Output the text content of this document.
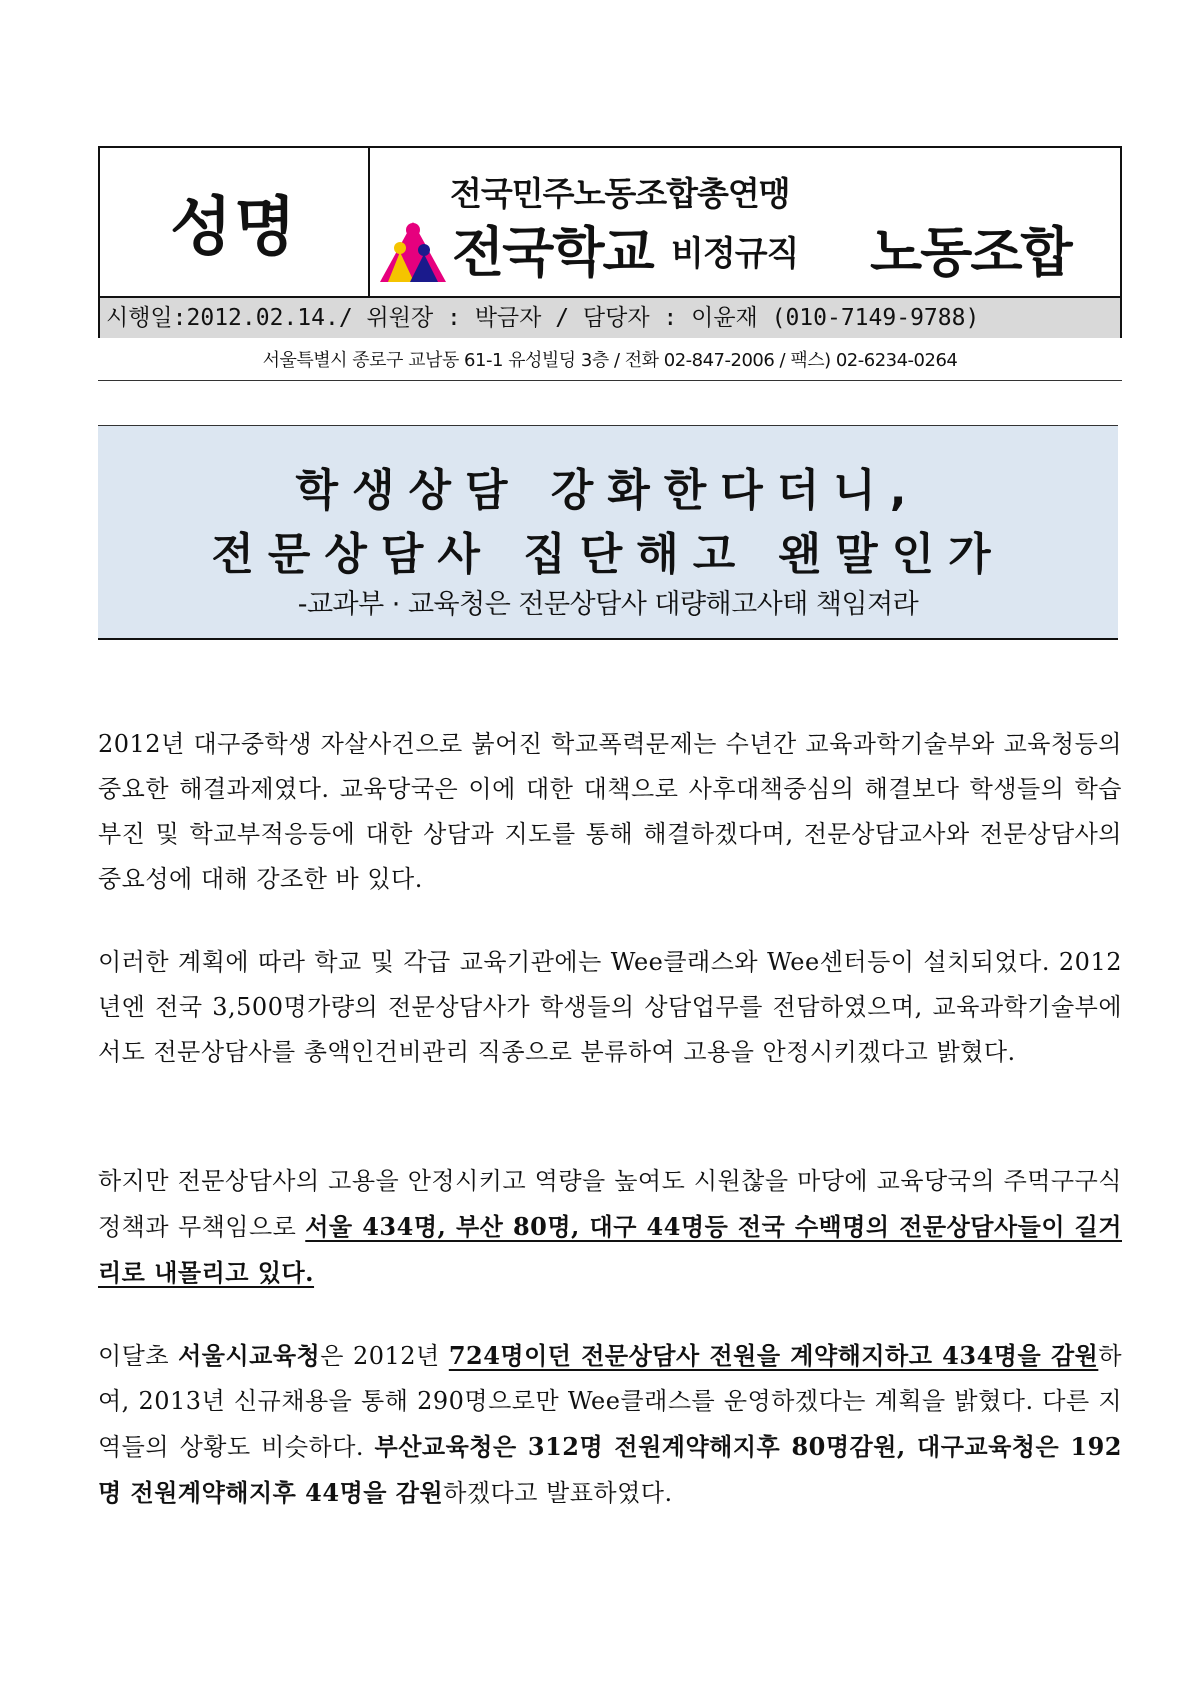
성명	전국민주노동조합총연맹
전국학교 비정규직 노동조합
시행일:2012.02.14./ 위원장 : 박금자 / 담당자 : 이윤재 (010-7149-9788)
서울특별시 종로구 교남동 61-1 유성빌딩 3층 / 전화 02-847-2006 / 팩스) 02-6234-0264
학생상담 강화한다더니,
전문상담사 집단해고 왠말인가
-교과부 · 교육청은 전문상담사 대량해고사태 책임져라
2012년 대구중학생 자살사건으로 붉어진 학교폭력문제는 수년간 교육과학기술부와 교육청등의 중요한 해결과제였다. 교육당국은 이에 대한 대책으로 사후대책중심의 해결보다 학생들의 학습부진 및 학교부적응등에 대한 상담과 지도를 통해 해결하겠다며, 전문상담교사와 전문상담사의 중요성에 대해 강조한 바 있다.
이러한 계획에 따라 학교 및 각급 교육기관에는 Wee클래스와 Wee센터등이 설치되었다. 2012년엔 전국 3,500명가량의 전문상담사가 학생들의 상담업무를 전담하였으며, 교육과학기술부에서도 전문상담사를 총액인건비관리 직종으로 분류하여 고용을 안정시키겠다고 밝혔다.
하지만 전문상담사의 고용을 안정시키고 역량을 높여도 시원찮을 마당에 교육당국의 주먹구구식 정책과 무책임으로 서울 434명, 부산 80명, 대구 44명등 전국 수백명의 전문상담사들이 길거리로 내몰리고 있다.
이달초 서울시교육청은 2012년 724명이던 전문상담사 전원을 계약해지하고 434명을 감원하여, 2013년 신규채용을 통해 290명으로만 Wee클래스를 운영하겠다는 계획을 밝혔다. 다른 지역들의 상황도 비슷하다. 부산교육청은 312명 전원계약해지후 80명감원, 대구교육청은 192명 전원계약해지후 44명을 감원하겠다고 발표하였다.
